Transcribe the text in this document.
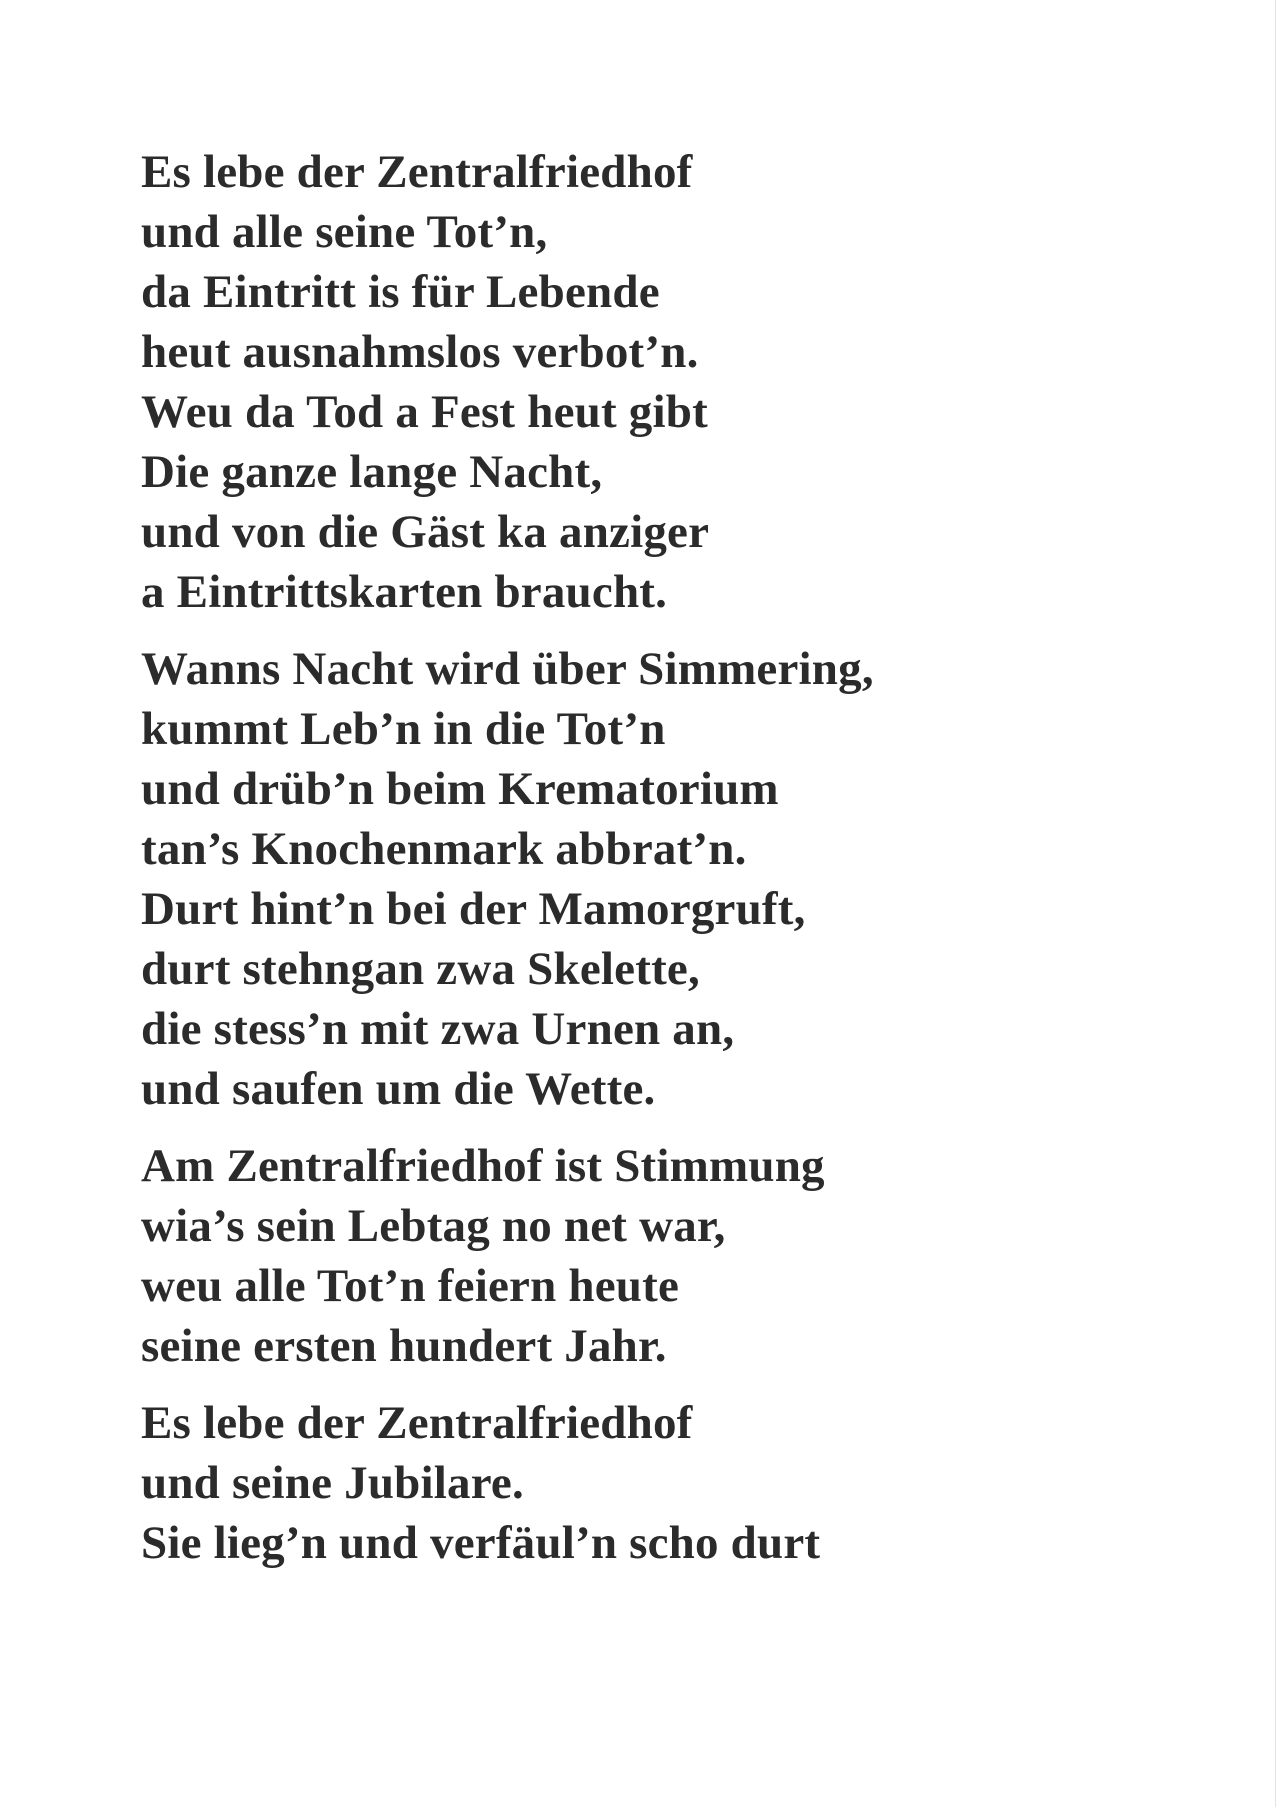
Es lebe der Zentralfriedhof
und alle seine Tot’n,
da Eintritt is für Lebende
heut ausnahmslos verbot’n.
Weu da Tod a Fest heut gibt
Die ganze lange Nacht,
und von die Gäst ka anziger
a Eintrittskarten braucht.

Wanns Nacht wird über Simmering,
kummt Leb’n in die Tot’n
und drüb’n beim Krematorium
tan’s Knochenmark abbrat’n.
Durt hint’n bei der Mamorgruft,
durt stehngan zwa Skelette,
die stess’n mit zwa Urnen an,
und saufen um die Wette.

Am Zentralfriedhof ist Stimmung
wia’s sein Lebtag no net war,
weu alle Tot’n feiern heute
seine ersten hundert Jahr.

Es lebe der Zentralfriedhof
und seine Jubilare.
Sie lieg’n und verfäul’n scho durt
